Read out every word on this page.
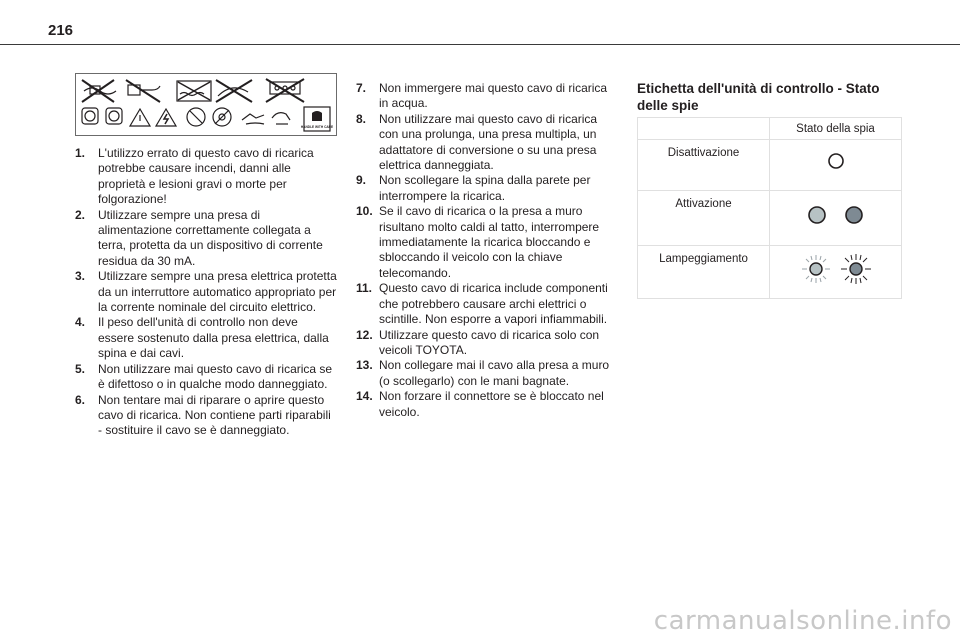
216
HANDLE WITH CARE
1. L'utilizzo errato di questo cavo di ricarica potrebbe causare incendi, danni alle proprietà e lesioni gravi o morte per folgorazione!
2. Utilizzare sempre una presa di alimentazione correttamente collegata a terra, protetta da un dispositivo di corrente residua da 30 mA.
3. Utilizzare sempre una presa elettrica protetta da un interruttore automatico appropriato per la corrente nominale del circuito elettrico.
4. Il peso dell'unità di controllo non deve essere sostenuto dalla presa elettrica, dalla spina e dai cavi.
5. Non utilizzare mai questo cavo di ricarica se è difettoso o in qualche modo danneggiato.
6. Non tentare mai di riparare o aprire questo cavo di ricarica. Non contiene parti riparabili - sostituire il cavo se è danneggiato.
7. Non immergere mai questo cavo di ricarica in acqua.
8. Non utilizzare mai questo cavo di ricarica con una prolunga, una presa multipla, un adattatore di conversione o su una presa elettrica danneggiata.
9. Non scollegare la spina dalla parete per interrompere la ricarica.
10. Se il cavo di ricarica o la presa a muro risultano molto caldi al tatto, interrompere immediatamente la ricarica bloccando e sbloccando il veicolo con la chiave telecomando.
11. Questo cavo di ricarica include componenti che potrebbero causare archi elettrici o scintille. Non esporre a vapori infiammabili.
12. Utilizzare questo cavo di ricarica solo con veicoli TOYOTA.
13. Non collegare mai il cavo alla presa a muro (o scollegarlo) con le mani bagnate.
14. Non forzare il connettore se è bloccato nel veicolo.
Etichetta dell'unità di controllo - Stato delle spie
	Stato della spia
Disattivazione	
Attivazione	
Lampeggiamento	
carmanualsonline.info
